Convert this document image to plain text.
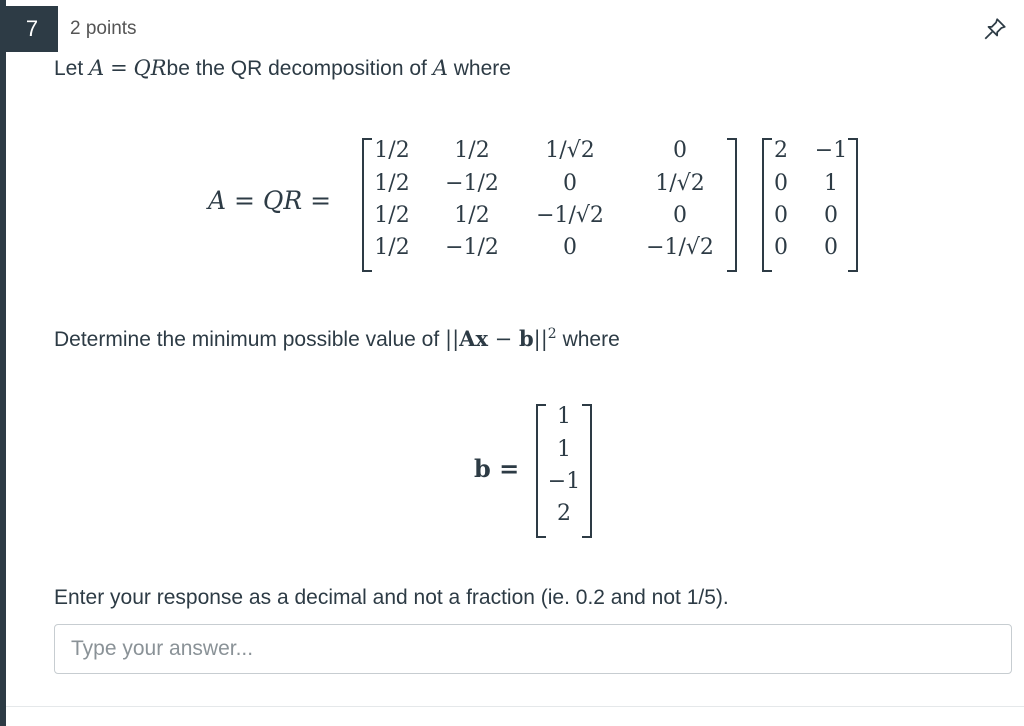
7	2 points
Let A = QRbe the QR decomposition of A where
A = QR =
1/2	1/2	1/√2	0
1/2	−1/2	0	1/√2
1/2	1/2	−1/√2	0
1/2	−1/2	0	−1/√2
2	−1
0	1
0	0
0	0
Determine the minimum possible value of $||Ax - b||^2$ where
b =
1
1
−1
2
Enter your response as a decimal and not a fraction (ie. 0.2 and not 1/5).
Type your answer...
